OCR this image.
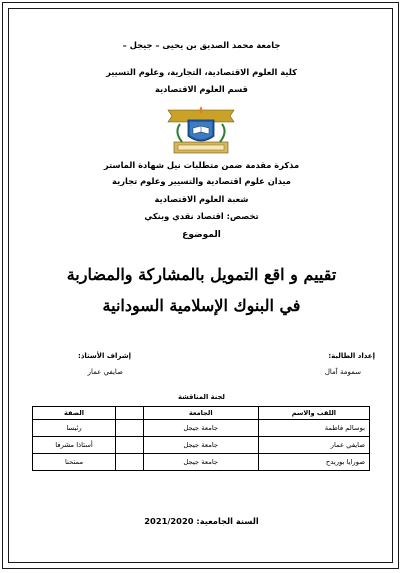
جامعة محمد الصديق بن يحيى – جيجل –
كلية العلوم الاقتصادية، التجارية، وعلوم التسيير
قسم العلوم الاقتصادية
مذكرة مقدمة ضمن متطلبات نيل شهادة الماستر
ميدان علوم اقتصادية والتسيير وعلوم تجارية
شعبة العلوم الاقتصادية
تخصص: اقتصاد نقدي وبنكي
الموضوع
تقييم و اقع التمويل بالمشاركة والمضاربة
في البنوك الإسلامية السودانية
إعداد الطالبة:
سمومة آمال
إشراف الأستاذ:
صايفي عمار
لجنة المناقشة
اللقب والاسم	الجامعة		الصفة
بوسالم فاطمة	جامعة جيجل		رئيسا
صايفي عمار	جامعة جيجل		أستاذا مشرفا
صورايا بوريدح	جامعة جيجل		ممتحنا
السنة الجامعية: 2021/2020
